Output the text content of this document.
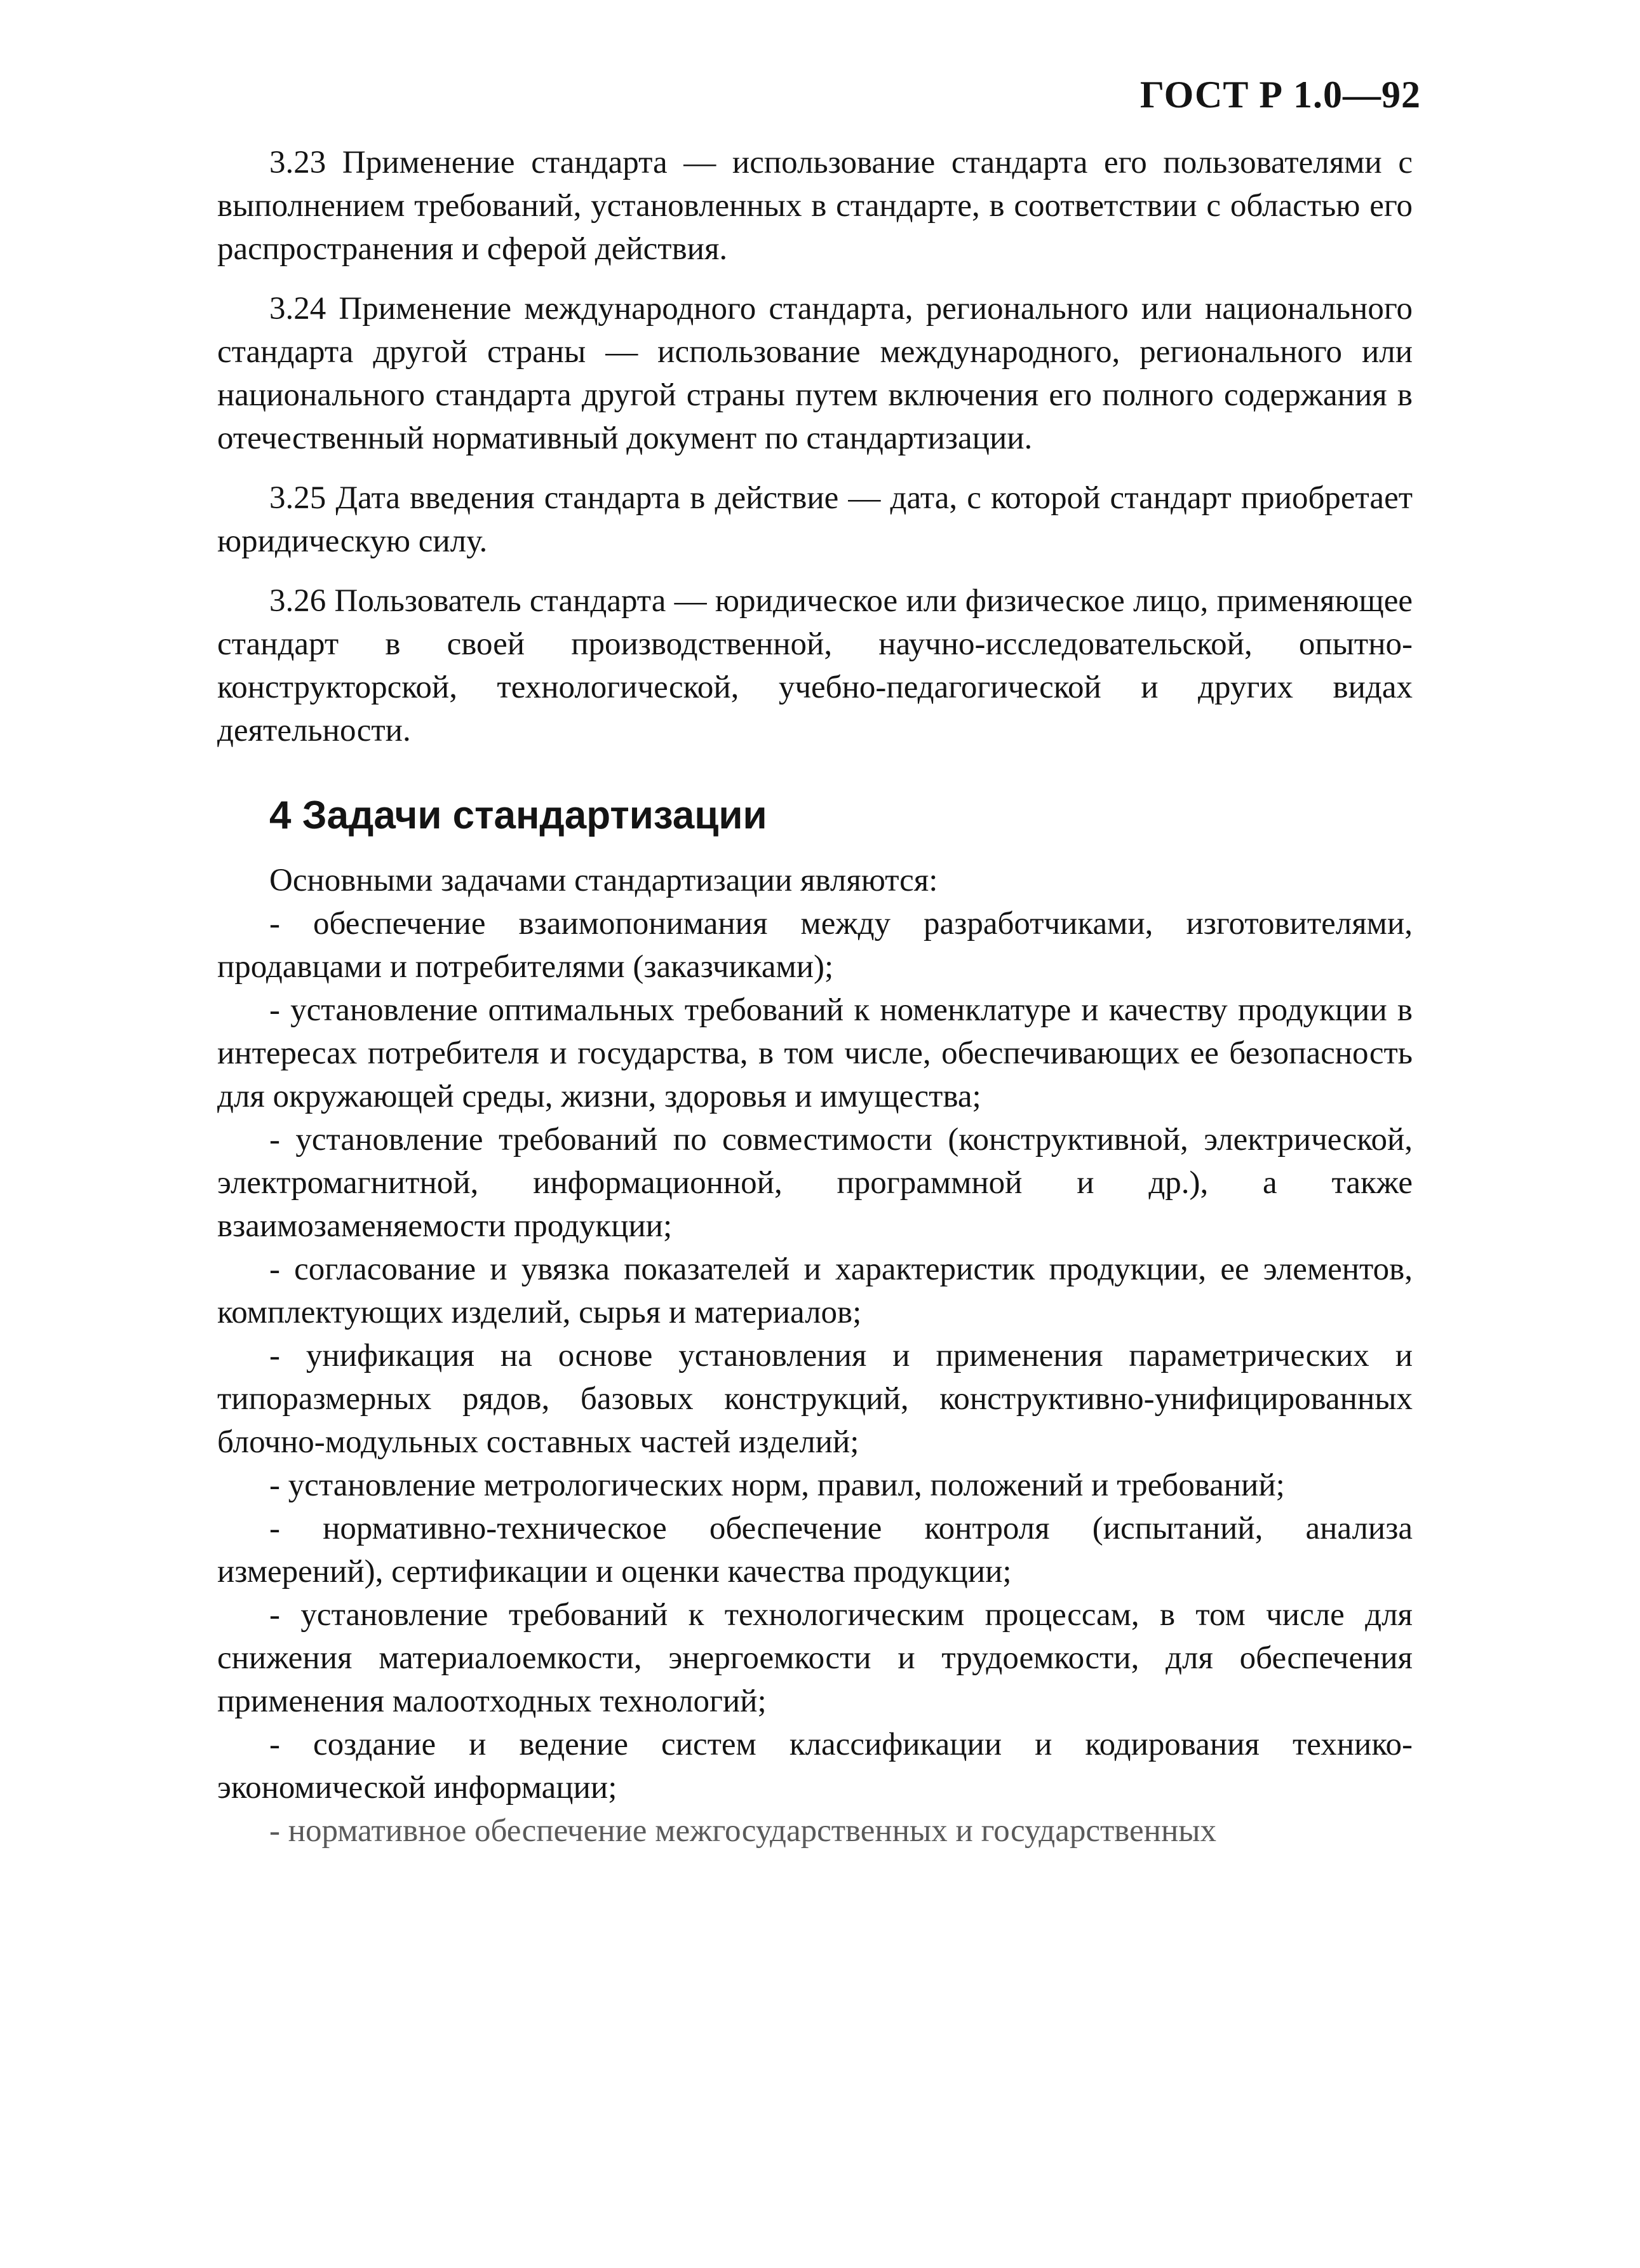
ГОСТ Р 1.0—92

3.23 Применение стандарта — использование стандарта его пользователями с выполнением требований, установленных в стандарте, в соответствии с областью его распространения и сферой действия.

3.24 Применение международного стандарта, регионального или национального стандарта другой страны — использование международного, регионального или национального стандарта другой страны путем включения его полного содержания в отечественный нормативный документ по стандартизации.

3.25 Дата введения стандарта в действие — дата, с которой стандарт приобретает юридическую силу.

3.26 Пользователь стандарта — юридическое или физическое лицо, применяющее стандарт в своей производственной, научно-исследовательской, опытно-конструкторской, технологической, учебно-педагогической и других видах деятельности.

4 Задачи стандартизации

Основными задачами стандартизации являются:

- обеспечение взаимопонимания между разработчиками, изготовителями, продавцами и потребителями (заказчиками);
- установление оптимальных требований к номенклатуре и качеству продукции в интересах потребителя и государства, в том числе, обеспечивающих ее безопасность для окружающей среды, жизни, здоровья и имущества;
- установление требований по совместимости (конструктивной, электрической, электромагнитной, информационной, программной и др.), а также взаимозаменяемости продукции;
- согласование и увязка показателей и характеристик продукции, ее элементов, комплектующих изделий, сырья и материалов;
- унификация на основе установления и применения параметрических и типоразмерных рядов, базовых конструкций, конструктивно-унифицированных блочно-модульных составных частей изделий;
- установление метрологических норм, правил, положений и требований;
- нормативно-техническое обеспечение контроля (испытаний, анализа измерений), сертификации и оценки качества продукции;
- установление требований к технологическим процессам, в том числе для снижения материалоемкости, энергоемкости и трудоемкости, для обеспечения применения малоотходных технологий;
- создание и ведение систем классификации и кодирования технико-экономической информации;
- нормативное обеспечение межгосударственных и государственных
